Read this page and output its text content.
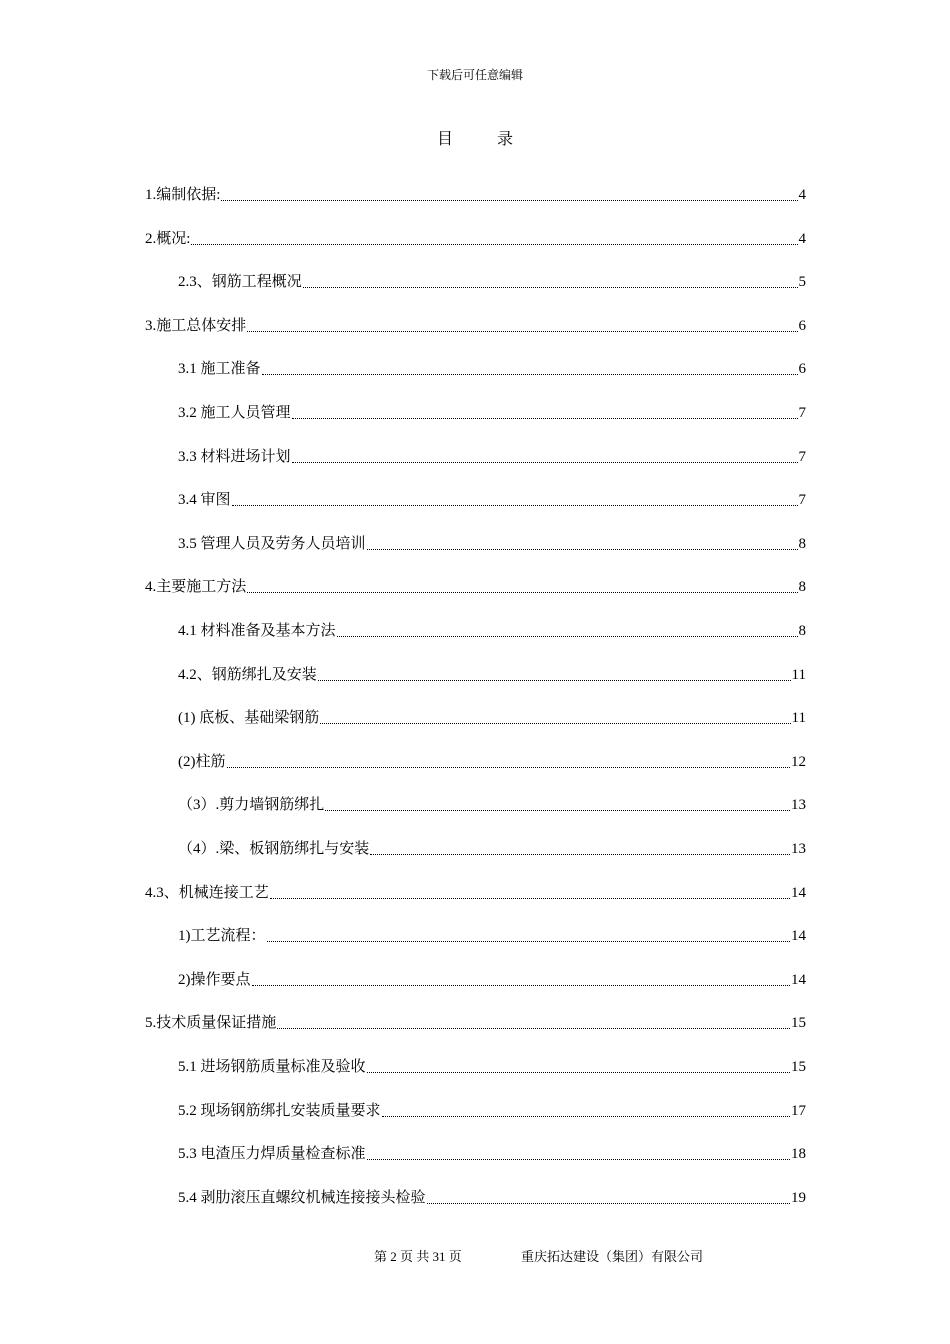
下载后可任意编辑
目	录
1.编制依据:	4
2.概况:	4
2.3、钢筋工程概况	5
3.施工总体安排	6
3.1 施工准备	6
3.2 施工人员管理	7
3.3 材料进场计划	7
3.4 审图	7
3.5 管理人员及劳务人员培训	8
4.主要施工方法	8
4.1 材料准备及基本方法	8
4.2、钢筋绑扎及安装	11
(1) 底板、基础梁钢筋	11
(2)柱筋	12
（3）.剪力墙钢筋绑扎	13
（4）.梁、板钢筋绑扎与安装	13
4.3、机械连接工艺	14
1)工艺流程：	14
2)操作要点	14
5.技术质量保证措施	15
5.1 进场钢筋质量标准及验收	15
5.2 现场钢筋绑扎安装质量要求	17
5.3 电渣压力焊质量检查标准	18
5.4 剥肋滚压直螺纹机械连接接头检验	19
第 2 页 共 31 页	重庆拓达建设（集团）有限公司
